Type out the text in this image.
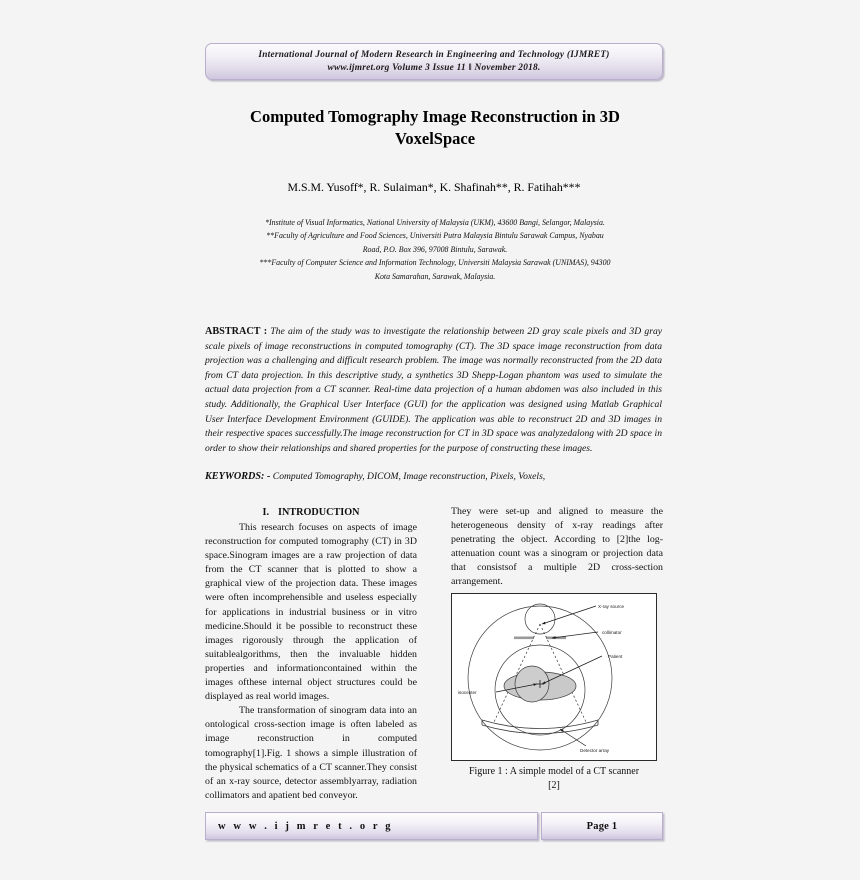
International Journal of Modern Research in Engineering and Technology (IJMRET)
www.ijmret.org Volume 3 Issue 11 ‖ November 2018.
Computed Tomography Image Reconstruction in 3D VoxelSpace
M.S.M. Yusoff*, R. Sulaiman*, K. Shafinah**, R. Fatihah***
*Institute of Visual Informatics, National University of Malaysia (UKM), 43600 Bangi, Selangor, Malaysia.
**Faculty of Agriculture and Food Sciences, Universiti Putra Malaysia Bintulu Sarawak Campus, Nyabau
Road, P.O. Box 396, 97008 Bintulu, Sarawak.
***Faculty of Computer Science and Information Technology, Universiti Malaysia Sarawak (UNIMAS), 94300
Kota Samarahan, Sarawak, Malaysia.
ABSTRACT : The aim of the study was to investigate the relationship between 2D gray scale pixels and 3D gray scale pixels of image reconstructions in computed tomography (CT). The 3D space image reconstruction from data projection was a challenging and difficult research problem. The image was normally reconstructed from the 2D data from CT data projection. In this descriptive study, a synthetics 3D Shepp-Logan phantom was used to simulate the actual data projection from a CT scanner. Real-time data projection of a human abdomen was also included in this study. Additionally, the Graphical User Interface (GUI) for the application was designed using Matlab Graphical User Interface Development Environment (GUIDE). The application was able to reconstruct 2D and 3D images in their respective spaces successfully.The image reconstruction for CT in 3D space was analyzedalong with 2D space in order to show their relationships and shared properties for the purpose of constructing these images.
KEYWORDS: - Computed Tomography, DICOM, Image reconstruction, Pixels, Voxels,
I. INTRODUCTION

This research focuses on aspects of image reconstruction for computed tomography (CT) in 3D space.Sinogram images are a raw projection of data from the CT scanner that is plotted to show a graphical view of the projection data. These images were often incomprehensible and useless especially for applications in industrial business or in vitro medicine.Should it be possible to reconstruct these images rigorously through the application of suitablealgorithms, then the invaluable hidden properties and informationcontained within the images ofthese internal object structures could be displayed as real world images.

The transformation of sinogram data into an ontological cross-section image is often labeled as image reconstruction in computed tomography[1].Fig. 1 shows a simple illustration of the physical schematics of a CT scanner.They consist of an x-ray source, detector assemblyarray, radiation collimators and apatient bed conveyor.

They were set-up and aligned to measure the heterogeneous density of x-ray readings after penetrating the object. According to [2]the log-attenuation count was a sinogram or projection data that consistsof a multiple 2D cross-section arrangement.

X-ray source
collimator
Patient
isocenter
Detector array
Figure 1 : A simple model of a CT scanner
[2]
w w w . i j m r e t . o r g	Page 1
